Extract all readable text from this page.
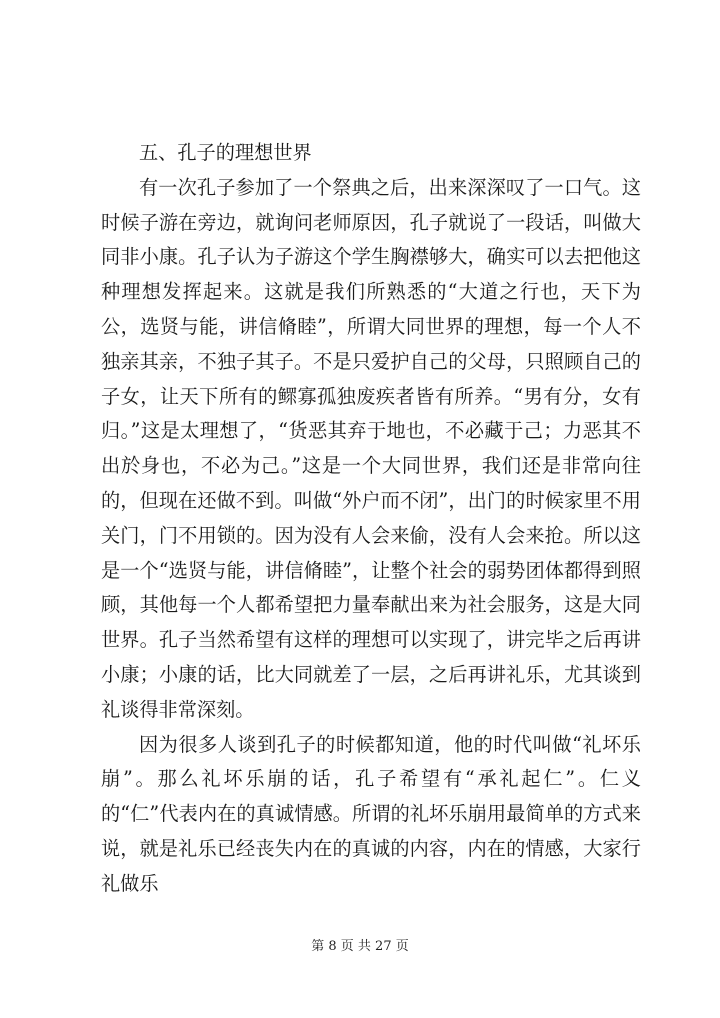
五、孔子的理想世界

有一次孔子参加了一个祭典之后，出来深深叹了一口气。这时候子游在旁边，就询问老师原因，孔子就说了一段话，叫做大同非小康。孔子认为子游这个学生胸襟够大，确实可以去把他这种理想发挥起来。这就是我们所熟悉的“大道之行也，天下为公，选贤与能，讲信脩睦”，所谓大同世界的理想，每一个人不独亲其亲，不独子其子。不是只爱护自己的父母，只照顾自己的子女，让天下所有的鳏寡孤独废疾者皆有所养。“男有分，女有归。”这是太理想了，“货恶其弃于地也，不必藏于己；力恶其不出於身也，不必为己。”这是一个大同世界，我们还是非常向往的，但现在还做不到。叫做“外户而不闭”，出门的时候家里不用关门，门不用锁的。因为没有人会来偷，没有人会来抢。所以这是一个“选贤与能，讲信脩睦”，让整个社会的弱势团体都得到照顾，其他每一个人都希望把力量奉献出来为社会服务，这是大同世界。孔子当然希望有这样的理想可以实现了，讲完毕之后再讲小康；小康的话，比大同就差了一层，之后再讲礼乐，尤其谈到礼谈得非常深刻。

因为很多人谈到孔子的时候都知道，他的时代叫做“礼坏乐崩”。那么礼坏乐崩的话，孔子希望有“承礼起仁”。仁义的“仁”代表内在的真诚情感。所谓的礼坏乐崩用最简单的方式来说，就是礼乐已经丧失内在的真诚的内容，内在的情感，大家行礼做乐

第 8 页 共 27 页
